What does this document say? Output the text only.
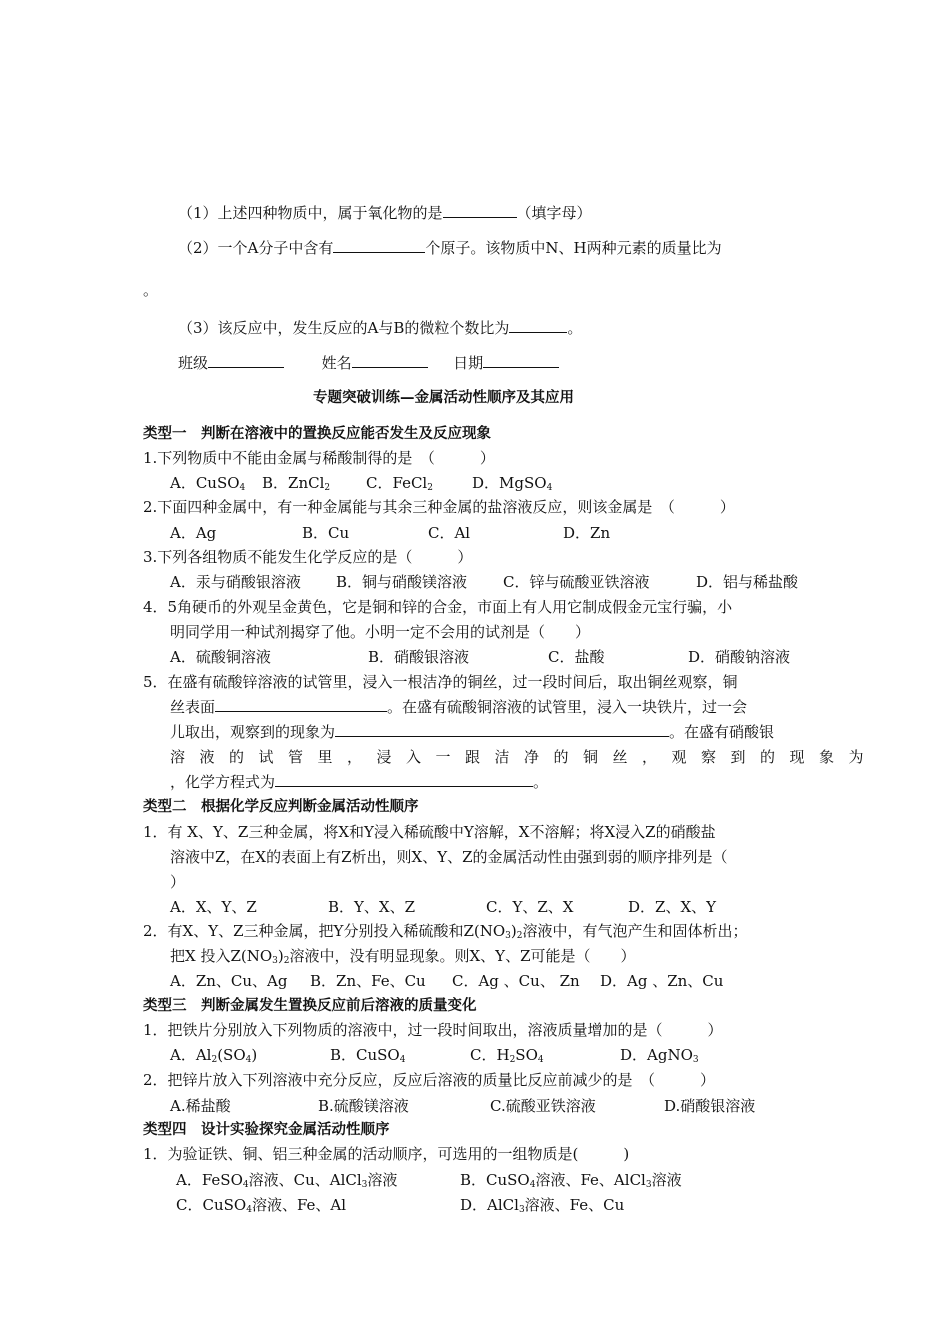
（1）上述四种物质中，属于氧化物的是	（填字母）
（2）一个A分子中含有	个原子。该物质中N、H两种元素的质量比为
。
（3）该反应中，发生反应的A与B的微粒个数比为	。
班级	姓名	日期
专题突破训练—金属活动性顺序及其应用
类型一　判断在溶液中的置换反应能否发生及反应现象
1.下列物质中不能由金属与稀酸制得的是　（　　　）
A．CuSO$_4$ B．ZnCl$_2$ C．FeCl$_2$	D．MgSO$_4$
2.下面四种金属中，有一种金属能与其余三种金属的盐溶液反应，则该金属是　（　　　）
A．Ag	B．Cu	C．Al	D．Zn
3.下列各组物质不能发生化学反应的是（　　　）
A．汞与硝酸银溶液 B．铜与硝酸镁溶液 C．锌与硫酸亚铁溶液	D．铝与稀盐酸
4．5角硬币的外观呈金黄色，它是铜和锌的合金，市面上有人用它制成假金元宝行骗，小
明同学用一种试剂揭穿了他。小明一定不会用的试剂是（　　）
A．硫酸铜溶液	B．硝酸银溶液	C．盐酸	D．硝酸钠溶液
5．在盛有硫酸锌溶液的试管里，浸入一根洁净的铜丝，过一段时间后，取出铜丝观察，铜
丝表面	。在盛有硫酸铜溶液的试管里，浸入一块铁片，过一会
儿取出，观察到的现象为	。在盛有硝酸银
溶液的试管里，浸入一跟洁净的铜丝，观察到的现象为
，化学方程式为	。
类型二　根据化学反应判断金属活动性顺序
1．有 X、Y、Z三种金属，将X和Y浸入稀硫酸中Y溶解，X不溶解；将X浸入Z的硝酸盐
溶液中Z，在X的表面上有Z析出，则X、Y、Z的金属活动性由强到弱的顺序排列是（
）
A．X、Y、Z	B．Y、X、Z	C．Y、Z、X	D．Z、X、Y
2．有X、Y、Z三种金属，把Y分别投入稀硫酸和$Z(NO_3)_2$溶液中，有气泡产生和固体析出；
把X 投入$Z(NO_3)_2$溶液中，没有明显现象。则X、Y、Z可能是（　　）
A．Zn、Cu、Ag B．Zn、Fe、Cu C．Ag 、Cu、 Zn D．Ag 、Zn、Cu
类型三　判断金属发生置换反应前后溶液的质量变化
1．把铁片分别放入下列物质的溶液中，过一段时间取出，溶液质量增加的是（　　　）
A．$Al_2(SO_4)$	B．CuSO$_4$	C．$H_2SO_4$	D．AgNO$_3$
2．把锌片放入下列溶液中充分反应，反应后溶液的质量比反应前减少的是　（　　　）
A.稀盐酸	B.硫酸镁溶液	C.硫酸亚铁溶液	D.硝酸银溶液
类型四　设计实验探究金属活动性顺序
1．为验证铁、铜、铝三种金属的活动顺序，可选用的一组物质是(　　　)
A．FeSO$_4$溶液、Cu、AlCl$_3$溶液	B．CuSO$_4$溶液、Fe、AlCl$_3$溶液
C．CuSO$_4$溶液、Fe、Al	D．AlCl$_3$溶液、Fe、Cu
